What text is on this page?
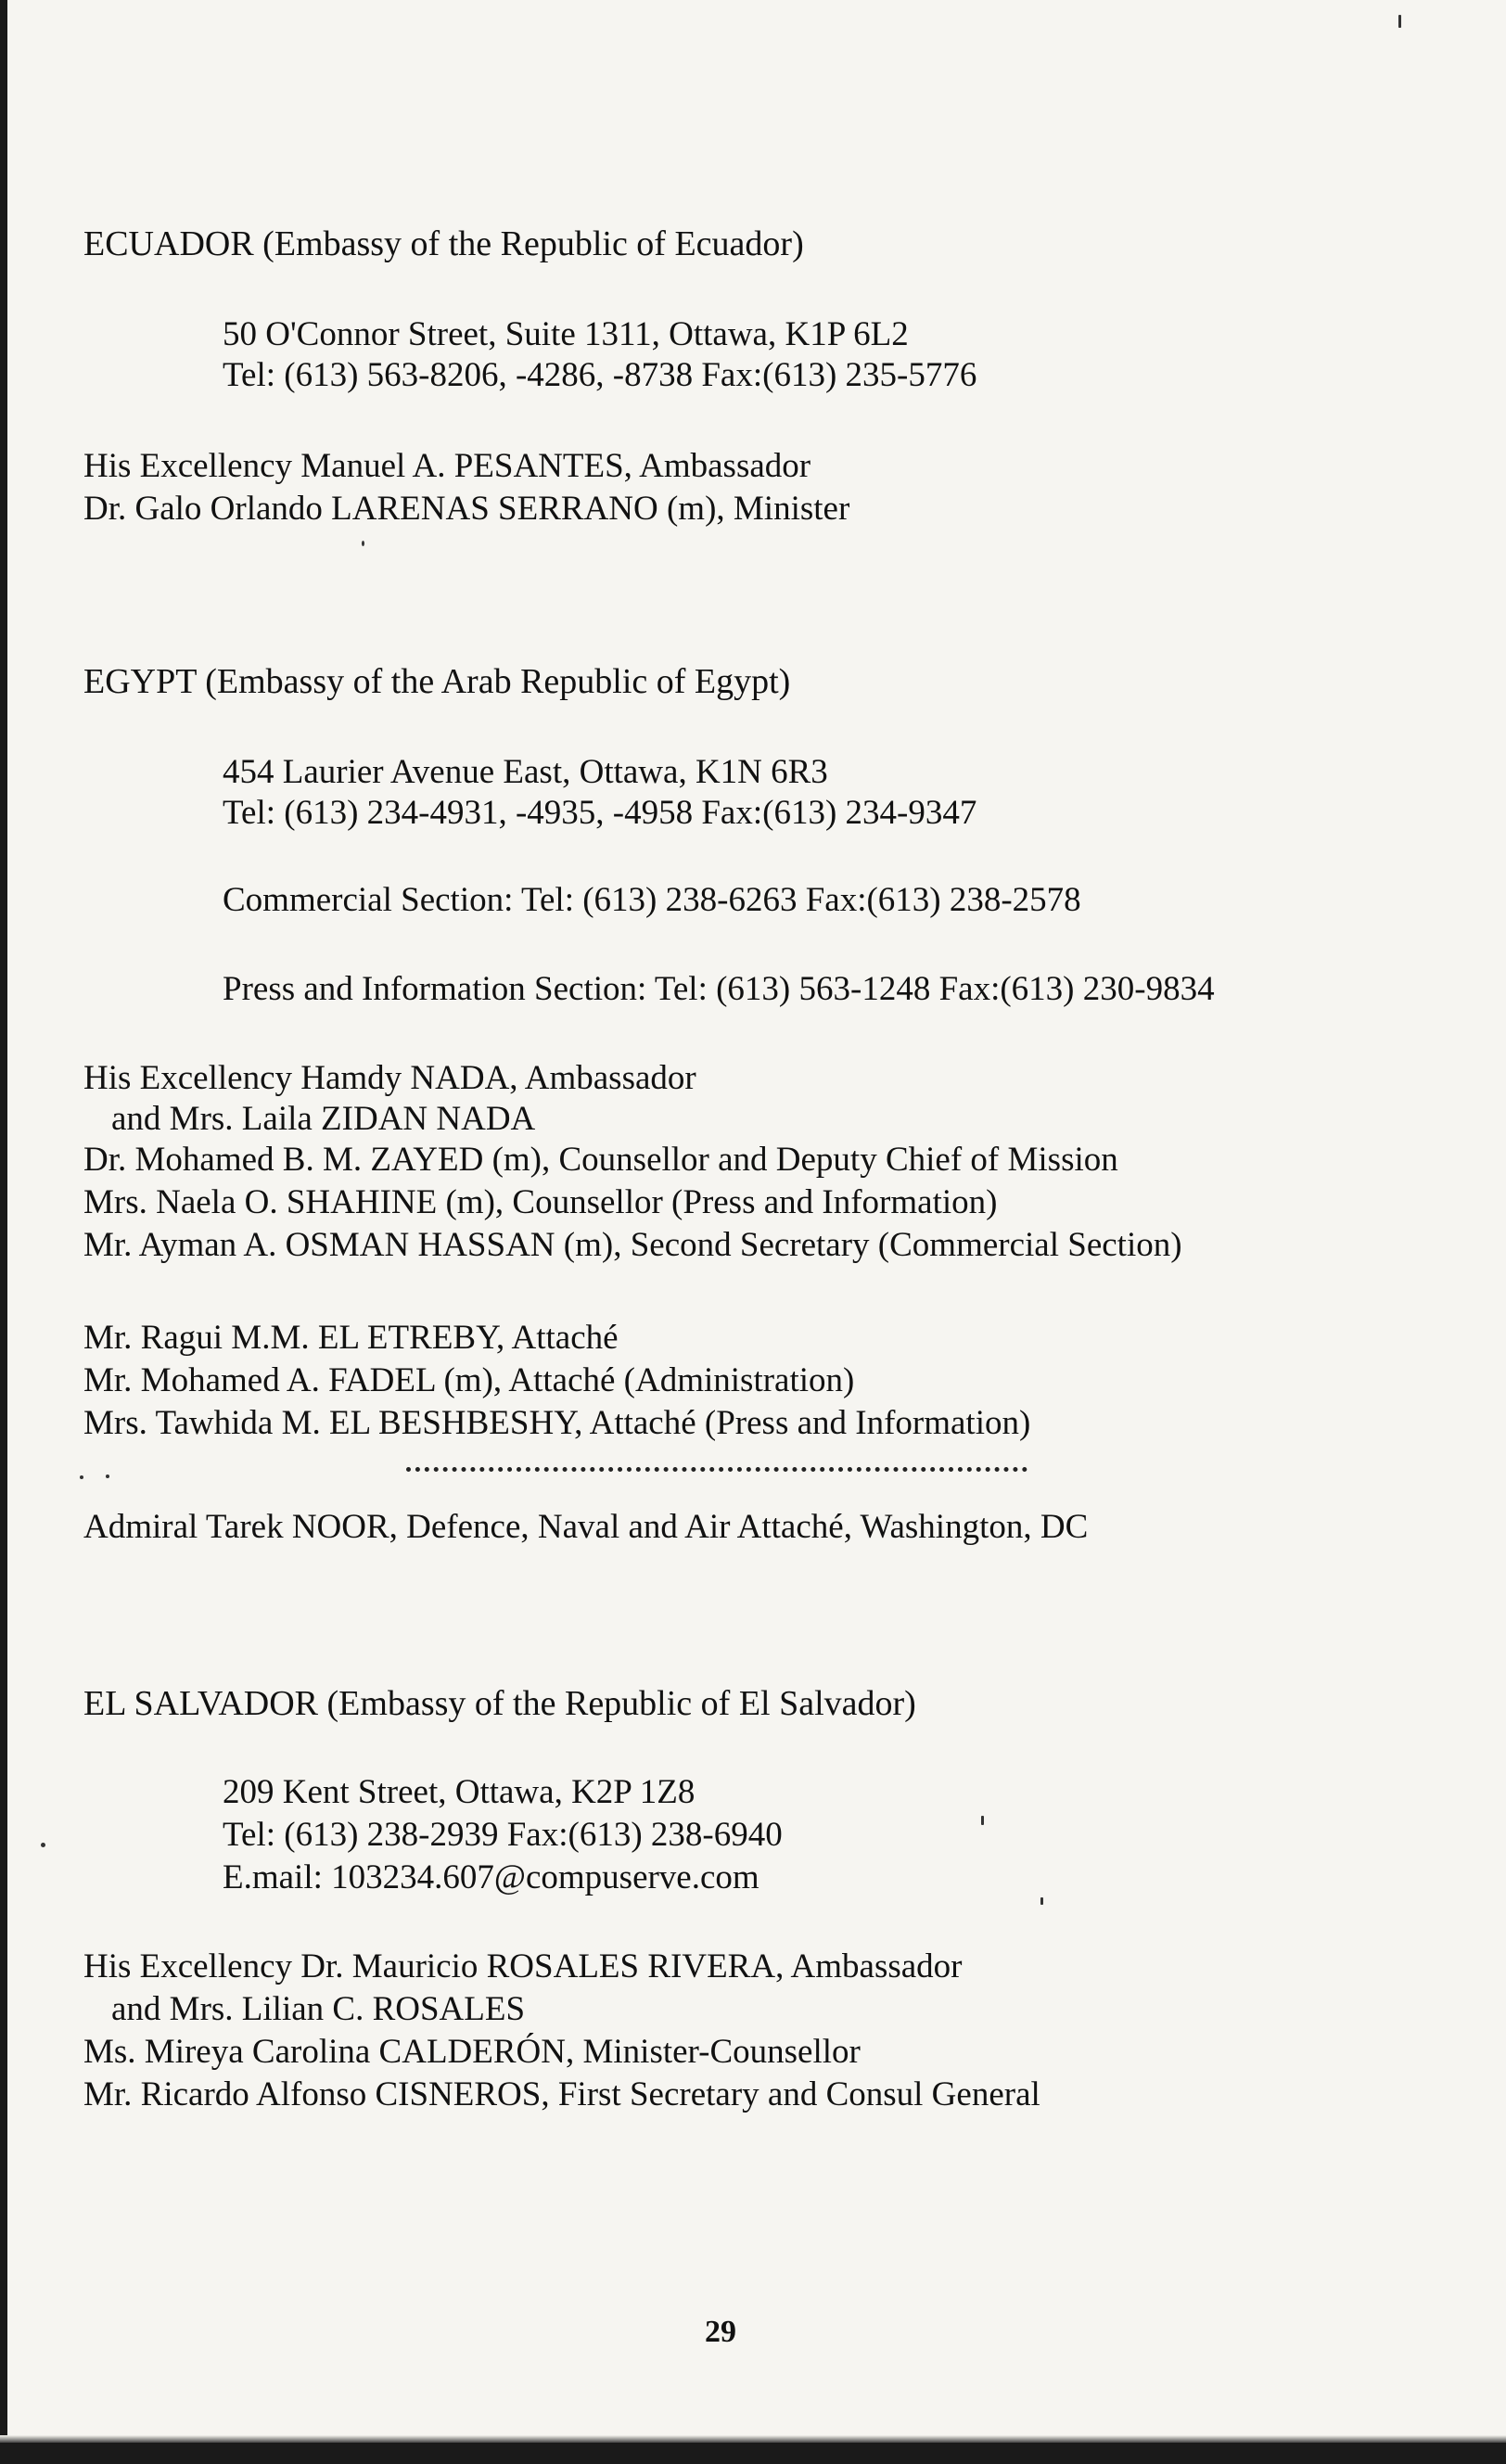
ECUADOR (Embassy of the Republic of Ecuador)
50 O'Connor Street, Suite 1311, Ottawa, K1P 6L2
Tel: (613) 563-8206, -4286, -8738 Fax:(613) 235-5776
His Excellency Manuel A. PESANTES, Ambassador
Dr. Galo Orlando LARENAS SERRANO (m), Minister
EGYPT (Embassy of the Arab Republic of Egypt)
454 Laurier Avenue East, Ottawa, K1N 6R3
Tel: (613) 234-4931, -4935, -4958 Fax:(613) 234-9347
Commercial Section: Tel: (613) 238-6263 Fax:(613) 238-2578
Press and Information Section: Tel: (613) 563-1248 Fax:(613) 230-9834
His Excellency Hamdy NADA, Ambassador
and Mrs. Laila ZIDAN NADA
Dr. Mohamed B. M. ZAYED (m), Counsellor and Deputy Chief of Mission
Mrs. Naela O. SHAHINE (m), Counsellor (Press and Information)
Mr. Ayman A. OSMAN HASSAN (m), Second Secretary (Commercial Section)
Mr. Ragui M.M. EL ETREBY, Attaché
Mr. Mohamed A. FADEL (m), Attaché (Administration)
Mrs. Tawhida M. EL BESHBESHY, Attaché (Press and Information)
Admiral Tarek NOOR, Defence, Naval and Air Attaché, Washington, DC
EL SALVADOR (Embassy of the Republic of El Salvador)
209 Kent Street, Ottawa, K2P 1Z8
Tel: (613) 238-2939 Fax:(613) 238-6940
E.mail: 103234.607@compuserve.com
His Excellency Dr. Mauricio ROSALES RIVERA, Ambassador
and Mrs. Lilian C. ROSALES
Ms. Mireya Carolina CALDERÓN, Minister-Counsellor
Mr. Ricardo Alfonso CISNEROS, First Secretary and Consul General
29
